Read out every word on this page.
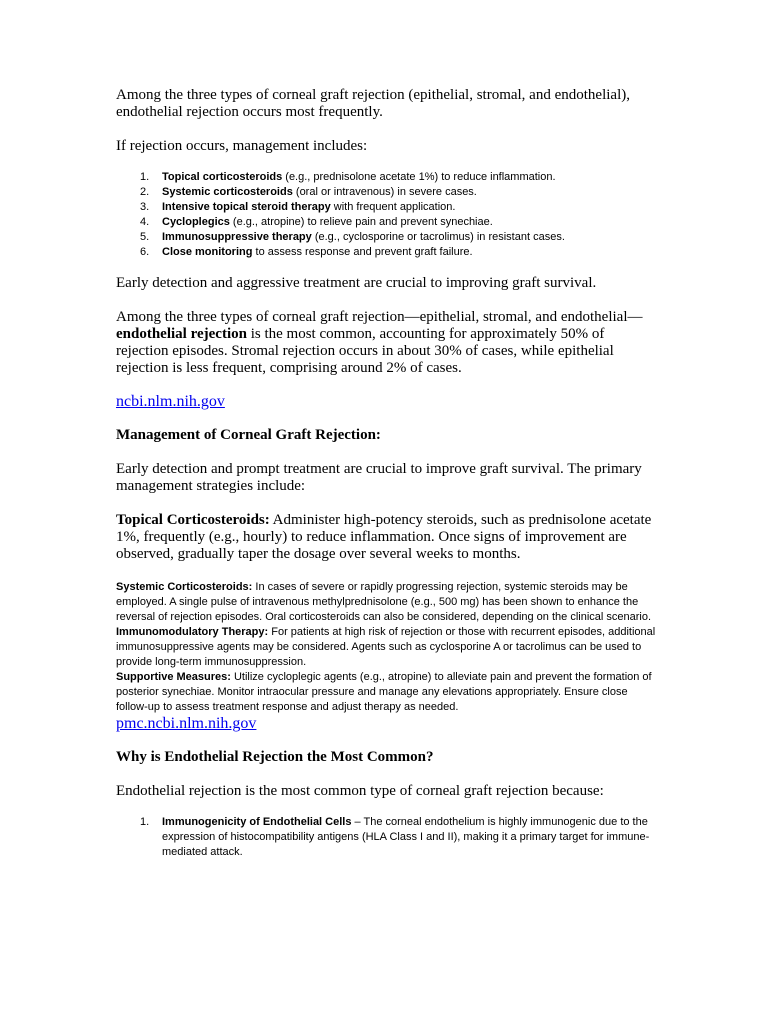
Among the three types of corneal graft rejection (epithelial, stromal, and endothelial), endothelial rejection occurs most frequently.

If rejection occurs, management includes:

1. Topical corticosteroids (e.g., prednisolone acetate 1%) to reduce inflammation.
2. Systemic corticosteroids (oral or intravenous) in severe cases.
3. Intensive topical steroid therapy with frequent application.
4. Cycloplegics (e.g., atropine) to relieve pain and prevent synechiae.
5. Immunosuppressive therapy (e.g., cyclosporine or tacrolimus) in resistant cases.
6. Close monitoring to assess response and prevent graft failure.

Early detection and aggressive treatment are crucial to improving graft survival.

Among the three types of corneal graft rejection—epithelial, stromal, and endothelial—endothelial rejection is the most common, accounting for approximately 50% of rejection episodes. Stromal rejection occurs in about 30% of cases, while epithelial rejection is less frequent, comprising around 2% of cases.

ncbi.nlm.nih.gov

Management of Corneal Graft Rejection:

Early detection and prompt treatment are crucial to improve graft survival. The primary management strategies include:

Topical Corticosteroids: Administer high-potency steroids, such as prednisolone acetate 1%, frequently (e.g., hourly) to reduce inflammation. Once signs of improvement are observed, gradually taper the dosage over several weeks to months.

Systemic Corticosteroids: In cases of severe or rapidly progressing rejection, systemic steroids may be employed. A single pulse of intravenous methylprednisolone (e.g., 500 mg) has been shown to enhance the reversal of rejection episodes. Oral corticosteroids can also be considered, depending on the clinical scenario.

Immunomodulatory Therapy: For patients at high risk of rejection or those with recurrent episodes, additional immunosuppressive agents may be considered. Agents such as cyclosporine A or tacrolimus can be used to provide long-term immunosuppression.

Supportive Measures: Utilize cycloplegic agents (e.g., atropine) to alleviate pain and prevent the formation of posterior synechiae. Monitor intraocular pressure and manage any elevations appropriately. Ensure close follow-up to assess treatment response and adjust therapy as needed.

pmc.ncbi.nlm.nih.gov

Why is Endothelial Rejection the Most Common?

Endothelial rejection is the most common type of corneal graft rejection because:

1. Immunogenicity of Endothelial Cells – The corneal endothelium is highly immunogenic due to the expression of histocompatibility antigens (HLA Class I and II), making it a primary target for immune-mediated attack.
